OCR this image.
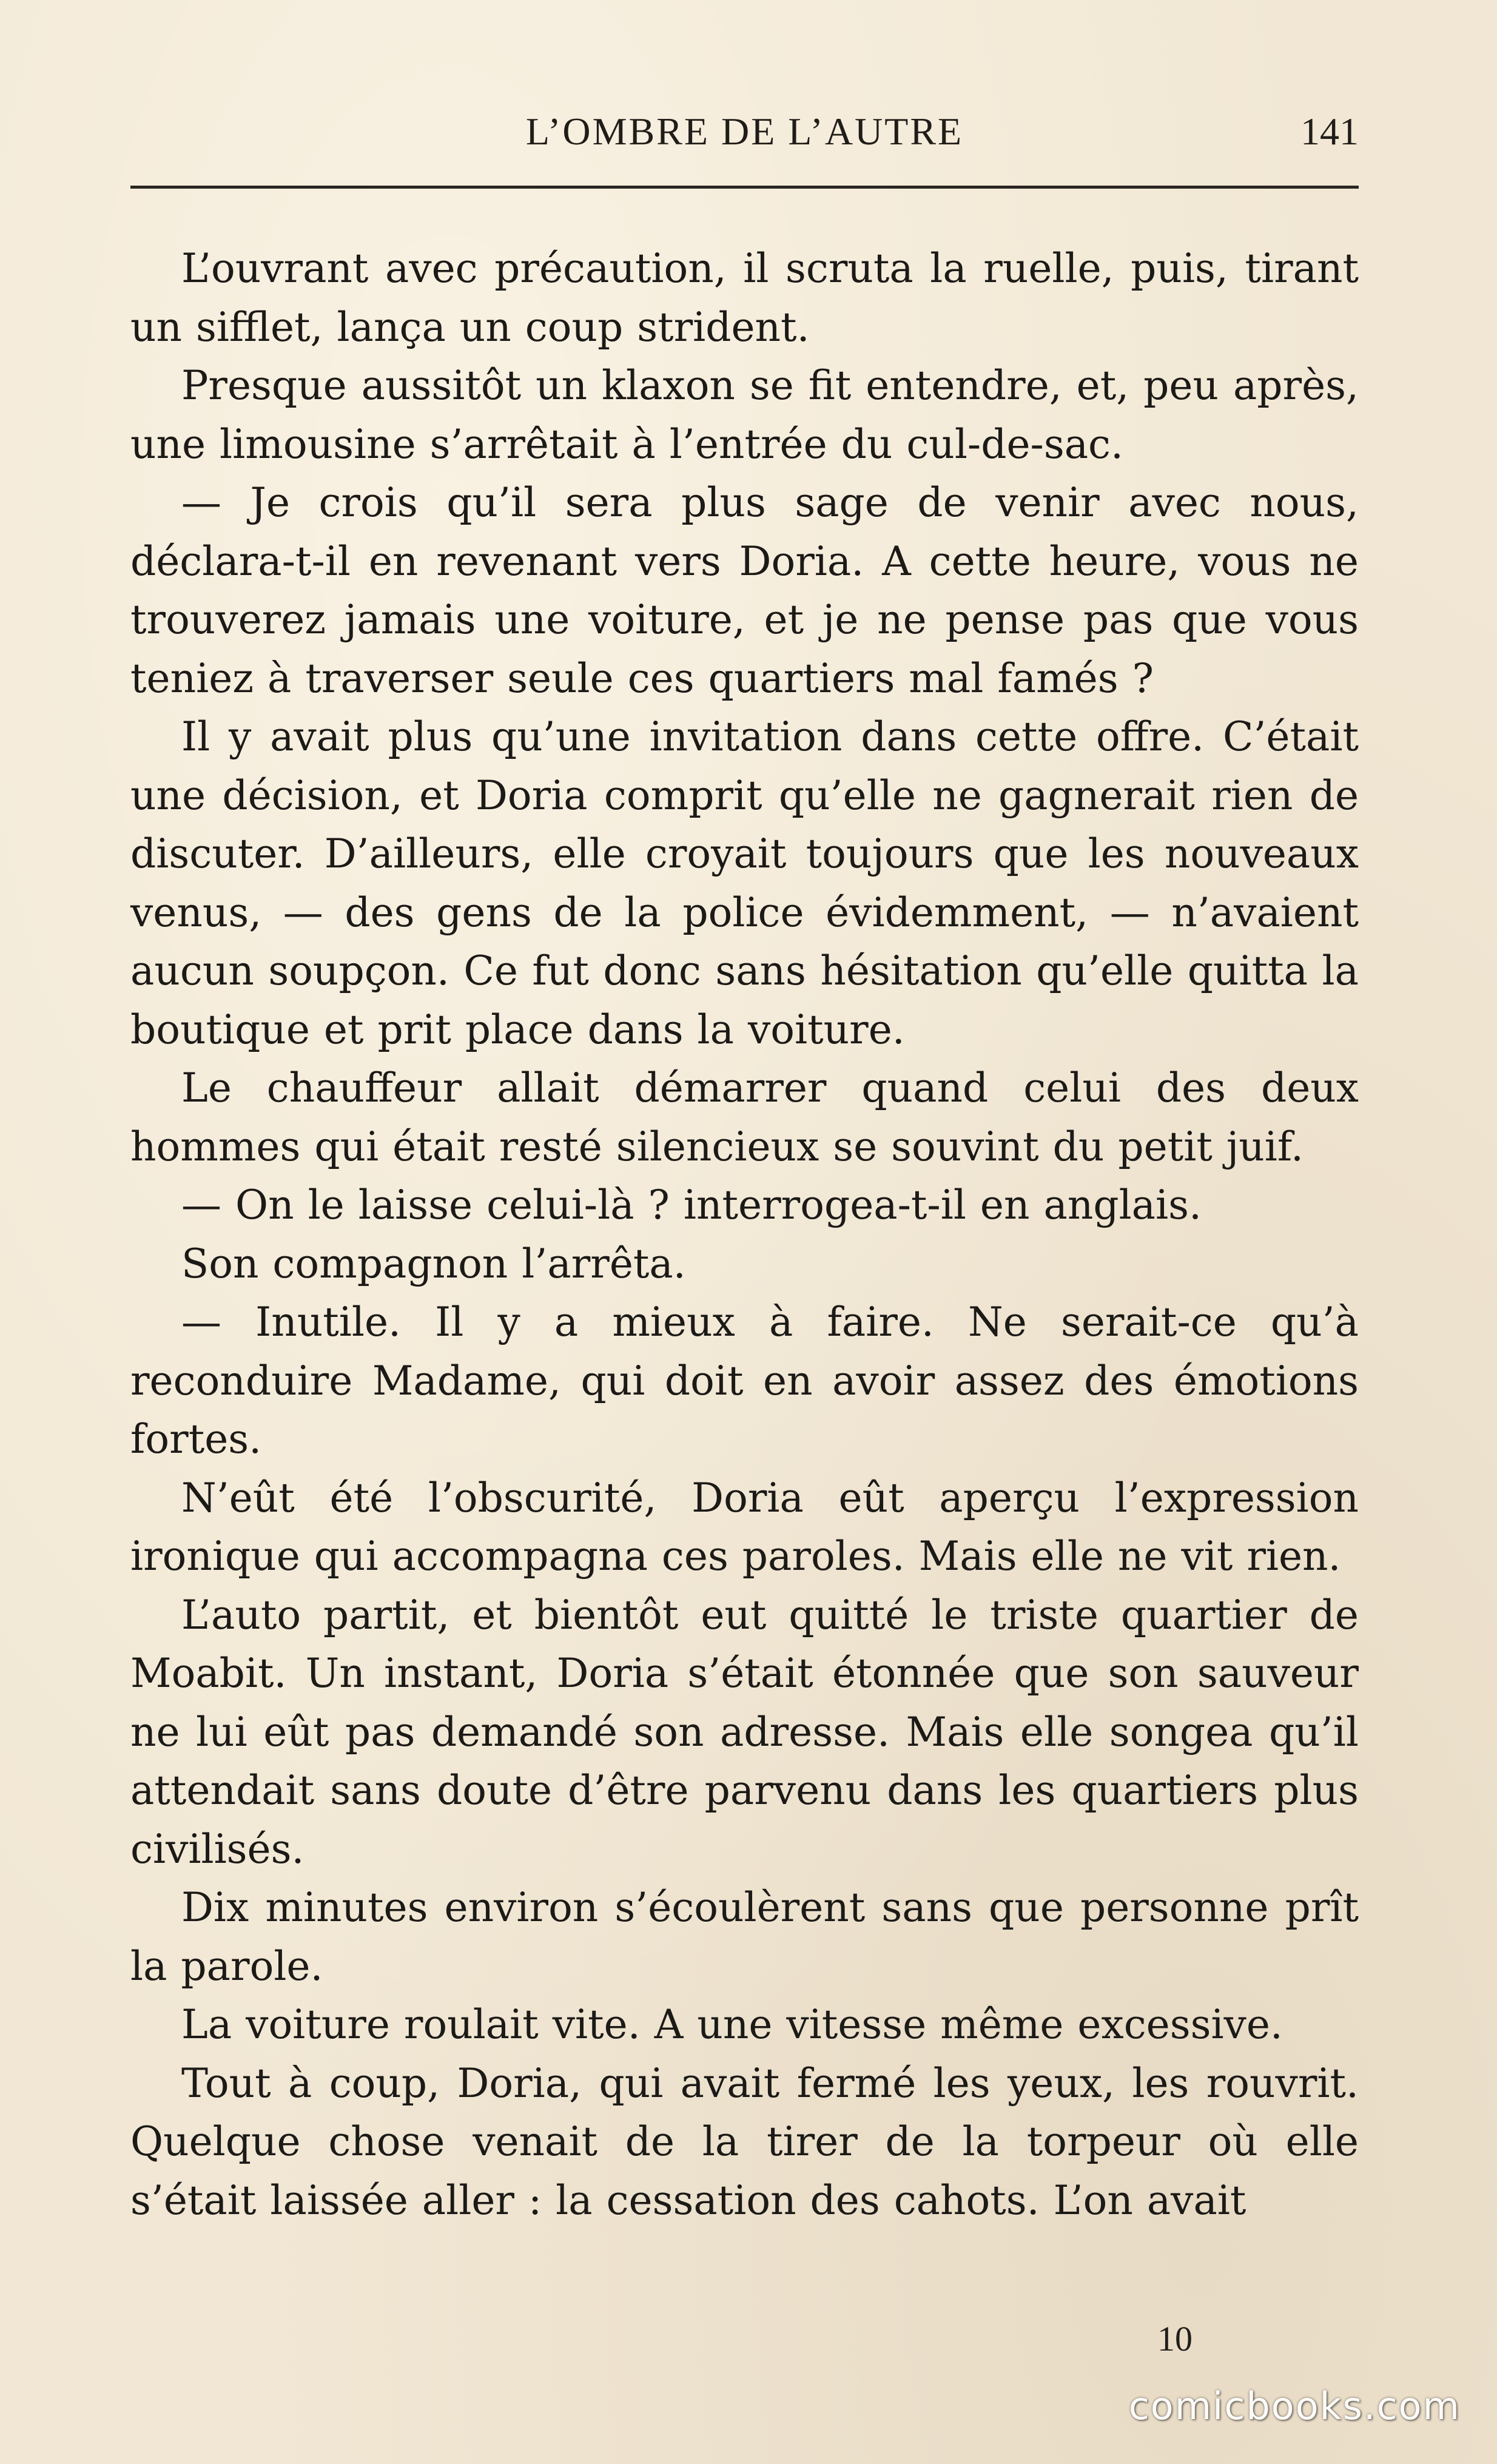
L’OMBRE DE L’AUTRE	141

L’ouvrant avec précaution, il scruta la ruelle, puis, tirant un sifflet, lança un coup strident.

Presque aussitôt un klaxon se fit entendre, et, peu après, une limousine s’arrêtait à l’entrée du cul-de-sac.

— Je crois qu’il sera plus sage de venir avec nous, déclara-t-il en revenant vers Doria. A cette heure, vous ne trouverez jamais une voiture, et je ne pense pas que vous teniez à traverser seule ces quartiers mal famés ?

Il y avait plus qu’une invitation dans cette offre. C’était une décision, et Doria comprit qu’elle ne gagnerait rien de discuter. D’ailleurs, elle croyait toujours que les nouveaux venus, — des gens de la police évidemment, — n’avaient aucun soupçon. Ce fut donc sans hésitation qu’elle quitta la boutique et prit place dans la voiture.

Le chauffeur allait démarrer quand celui des deux hommes qui était resté silencieux se souvint du petit juif.

— On le laisse celui-là ? interrogea-t-il en anglais.

Son compagnon l’arrêta.

— Inutile. Il y a mieux à faire. Ne serait-ce qu’à reconduire Madame, qui doit en avoir assez des émotions fortes.

N’eût été l’obscurité, Doria eût aperçu l’expression ironique qui accompagna ces paroles. Mais elle ne vit rien.

L’auto partit, et bientôt eut quitté le triste quartier de Moabit. Un instant, Doria s’était étonnée que son sauveur ne lui eût pas demandé son adresse. Mais elle songea qu’il attendait sans doute d’être parvenu dans les quartiers plus civilisés.

Dix minutes environ s’écoulèrent sans que personne prît la parole.

La voiture roulait vite. A une vitesse même excessive.

Tout à coup, Doria, qui avait fermé les yeux, les rouvrit. Quelque chose venait de la tirer de la torpeur où elle s’était laissée aller : la cessation des cahots. L’on avait

10
comicbooks.com
